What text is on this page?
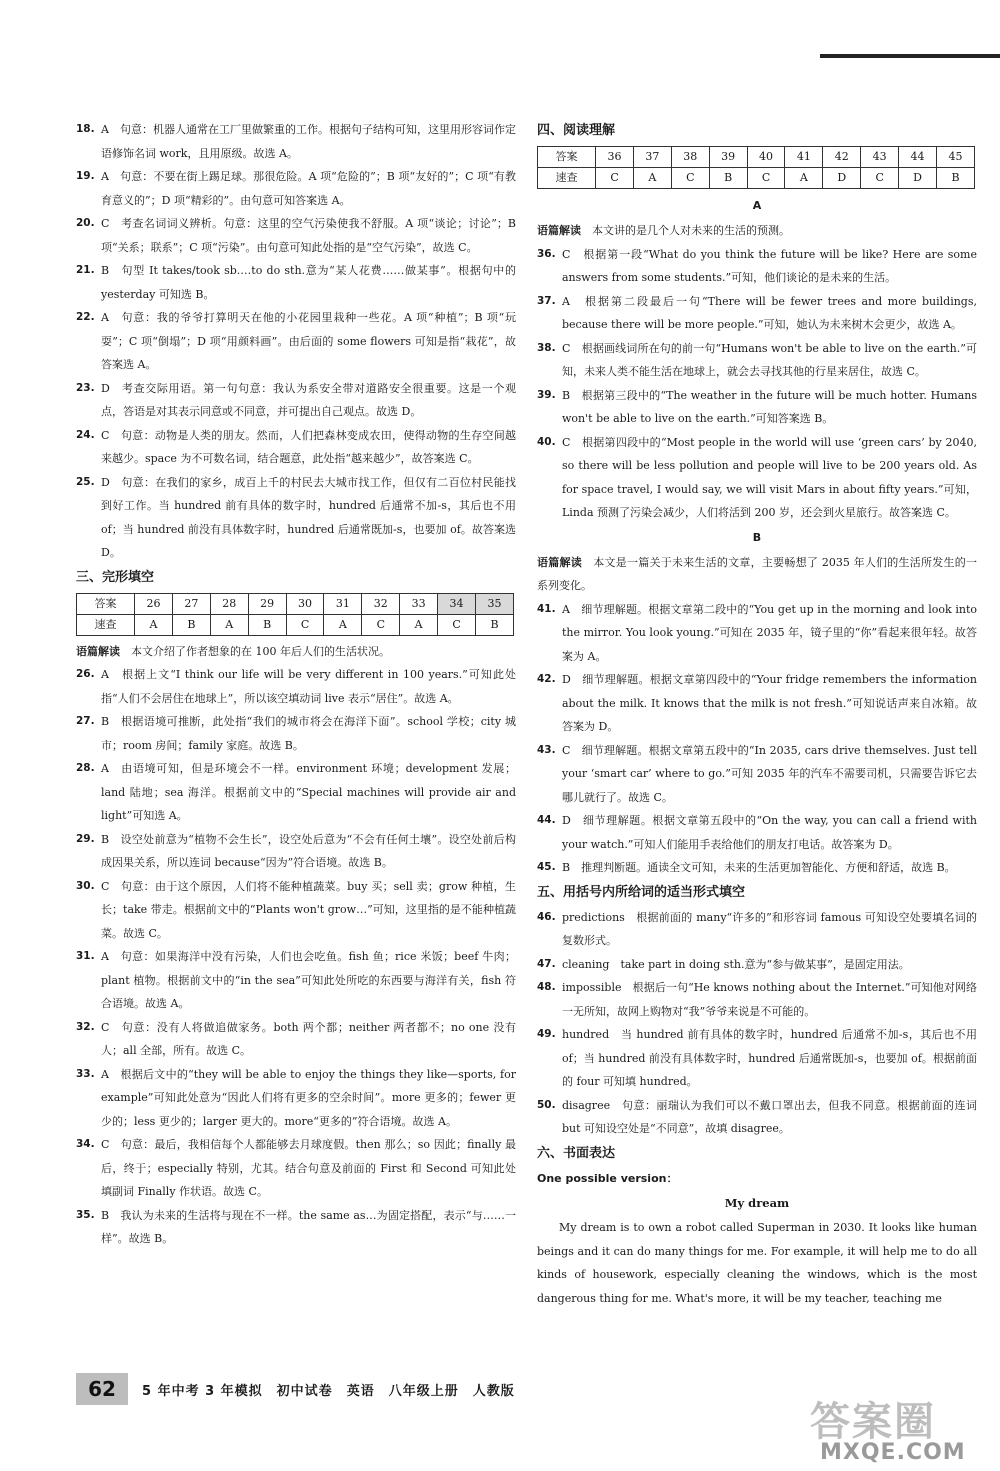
18. A　句意：机器人通常在工厂里做繁重的工作。根据句子结构可知，这里用形容词作定语修饰名词 work，且用原级。故选 A。
19. A　句意：不要在街上踢足球。那很危险。A 项“危险的”；B 项“友好的”；C 项“有教育意义的”；D 项“精彩的”。由句意可知答案选 A。
20. C　考查名词词义辨析。句意：这里的空气污染使我不舒服。A 项“谈论；讨论”；B 项“关系；联系”；C 项“污染”。由句意可知此处指的是“空气污染”，故选 C。
21. B　句型 It takes/took sb.…to do sth.意为“某人花费……做某事”。根据句中的 yesterday 可知选 B。
22. A　句意：我的爷爷打算明天在他的小花园里栽种一些花。A 项“种植”；B 项“玩耍”；C 项“倒塌”；D 项“用颜料画”。由后面的 some flowers 可知是指“栽花”，故答案选 A。
23. D　考查交际用语。第一句句意：我认为系安全带对道路安全很重要。这是一个观点，答语是对其表示同意或不同意，并可提出自己观点。故选 D。
24. C　句意：动物是人类的朋友。然而，人们把森林变成农田，使得动物的生存空间越来越少。space 为不可数名词，结合题意，此处指“越来越少”，故答案选 C。
25. D　句意：在我们的家乡，成百上千的村民去大城市找工作，但仅有二百位村民能找到好工作。当 hundred 前有具体的数字时，hundred 后通常不加-s，其后也不用 of；当 hundred 前没有具体数字时，hundred 后通常既加-s，也要加 of。故答案选 D。
三、完形填空
答案	26	27	28	29	30	31	32	33	34	35
速查	A	B	A	B	C	A	C	A	C	B
语篇解读　 本文介绍了作者想象的在 100 年后人们的生活状况。
26. A　根据上文“I think our life will be very different in 100 years.”可知此处指“人们不会居住在地球上”，所以该空填动词 live 表示“居住”。故选 A。
27. B　根据语境可推断，此处指“我们的城市将会在海洋下面”。school 学校；city 城市；room 房间；family 家庭。故选 B。
28. A　由语境可知，但是环境会不一样。environment 环境；development 发展；land 陆地；sea 海洋。根据前文中的“Special machines will provide air and light”可知选 A。
29. B　设空处前意为“植物不会生长”，设空处后意为“不会有任何土壤”。设空处前后构成因果关系，所以连词 because“因为”符合语境。故选 B。
30. C　句意：由于这个原因，人们将不能种植蔬菜。buy 买；sell 卖；grow 种植，生长；take 带走。根据前文中的“Plants won't grow…”可知，这里指的是不能种植蔬菜。故选 C。
31. A　句意：如果海洋中没有污染，人们也会吃鱼。fish 鱼；rice 米饭；beef 牛肉；plant 植物。根据前文中的“in the sea”可知此处所吃的东西要与海洋有关，fish 符合语境。故选 A。
32. C　句意：没有人将做追做家务。both 两个都；neither 两者都不；no one 没有人；all 全部，所有。故选 C。
33. A　根据后文中的“they will be able to enjoy the things they like—sports, for example”可知此处意为“因此人们将有更多的空余时间”。more 更多的；fewer 更少的；less 更少的；larger 更大的。more“更多的”符合语境。故选 A。
34. C　句意：最后，我相信每个人都能够去月球度假。then 那么；so 因此；finally 最后，终于；especially 特别，尤其。结合句意及前面的 First 和 Second 可知此处填副词 Finally 作状语。故选 C。
35. B　我认为未来的生活将与现在不一样。the same as…为固定搭配，表示“与……一样”。故选 B。
四、阅读理解
答案	36	37	38	39	40	41	42	43	44	45
速查	C	A	C	B	C	A	D	C	D	B
A
语篇解读　 本文讲的是几个人对未来的生活的预测。
36. C　根据第一段“What do you think the future will be like? Here are some answers from some students.”可知，他们谈论的是未来的生活。
37. A　根据第二段最后一句“There will be fewer trees and more buildings, because there will be more people.”可知，她认为未来树木会更少，故选 A。
38. C　根据画线词所在句的前一句“Humans won't be able to live on the earth.”可知，未来人类不能生活在地球上，就会去寻找其他的行星来居住，故选 C。
39. B　根据第三段中的“The weather in the future will be much hotter. Humans won't be able to live on the earth.”可知答案选 B。
40. C　根据第四段中的“Most people in the world will use ‘green cars’ by 2040, so there will be less pollution and people will live to be 200 years old. As for space travel, I would say, we will visit Mars in about fifty years.”可知，Linda 预测了污染会减少，人们将活到 200 岁，还会到火星旅行。故答案选 C。
B
语篇解读　 本文是一篇关于未来生活的文章，主要畅想了 2035 年人们的生活所发生的一系列变化。
41. A　细节理解题。根据文章第二段中的“You get up in the morning and look into the mirror. You look young.”可知在 2035 年，镜子里的“你”看起来很年轻。故答案为 A。
42. D　细节理解题。根据文章第四段中的“Your fridge remembers the information about the milk. It knows that the milk is not fresh.”可知说话声来自冰箱。故答案为 D。
43. C　细节理解题。根据文章第五段中的“In 2035, cars drive themselves. Just tell your ‘smart car’ where to go.”可知 2035 年的汽车不需要司机，只需要告诉它去哪儿就行了。故选 C。
44. D　细节理解题。根据文章第五段中的“On the way, you can call a friend with your watch.”可知人们能用手表给他们的朋友打电话。故答案为 D。
45. B　推理判断题。通读全文可知，未来的生活更加智能化、方便和舒适，故选 B。
五、用括号内所给词的适当形式填空
46. predictions　根据前面的 many“许多的”和形容词 famous 可知设空处要填名词的复数形式。
47. cleaning　take part in doing sth.意为“参与做某事”，是固定用法。
48. impossible　根据后一句“He knows nothing about the Internet.”可知他对网络一无所知，故网上购物对“我”爷爷来说是不可能的。
49. hundred　当 hundred 前有具体的数字时，hundred 后通常不加-s，其后也不用 of；当 hundred 前没有具体数字时，hundred 后通常既加-s，也要加 of。根据前面的 four 可知填 hundred。
50. disagree　句意：丽瑞认为我们可以不戴口罩出去，但我不同意。根据前面的连词 but 可知设空处是“不同意”，故填 disagree。
六、书面表达
One possible version：
My dream
My dream is to own a robot called Superman in 2030. It looks like human beings and it can do many things for me. For example, it will help me to do all kinds of housework, especially cleaning the windows, which is the most dangerous thing for me. What's more, it will be my teacher, teaching me
62	5 年中考 3 年模拟 初中试卷 英语 八年级上册 人教版
答案圈
MXQE.COM
